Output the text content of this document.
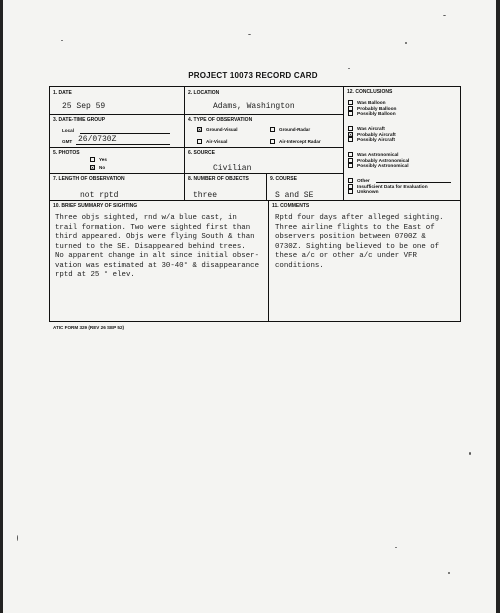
PROJECT 10073 RECORD CARD
1. DATE
25 Sep 59
2. LOCATION
Adams, Washington
3. DATE-TIME GROUP
Local
GMT 26/0730Z
4. TYPE OF OBSERVATION
X Ground-Visual	Ground-Radar
Air-Visual	Air-Intercept Radar
5. PHOTOS
Yes
X No
6. SOURCE
Civilian
7. LENGTH OF OBSERVATION
not rptd
8. NUMBER OF OBJECTS
three
9. COURSE
S and SE
12. CONCLUSIONS
Was Balloon
Probably Balloon
Possibly Balloon
Was Aircraft
X Probably Aircraft
Possibly Aircraft
Was Astronomical
Probably Astronomical
Possibly Astronomical
Other
Insufficient Data for Evaluation
Unknown
10. BRIEF SUMMARY OF SIGHTING
Three objs sighted, rnd w/a blue cast, in
trail formation. Two were sighted first than
third appeared. Objs were flying South & than
turned to the SE. Disappeared behind trees.
No apparent change in alt since initial obser-
vation was estimated at 30-40° & disappearance
rptd at 25 ° elev.
11. COMMENTS
Rptd four days after alleged sighting.
Three airline flights to the East of
observers position between 0700Z &
0730Z. Sighting believed to be one of
these a/c or other a/c under VFR
conditions.
ATIC FORM 329 (REV 26 SEP 52)
